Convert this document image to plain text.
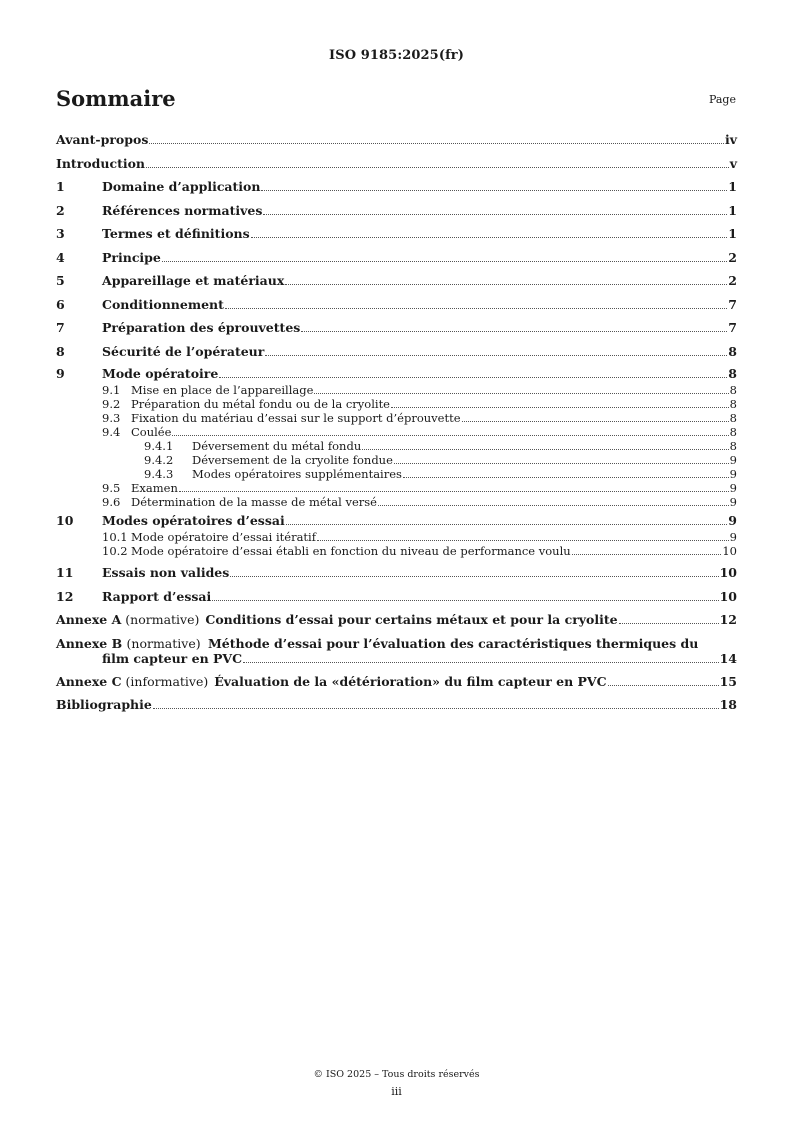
ISO 9185:2025(fr)
Sommaire	Page
Avant-propos	iv
Introduction	v
1	Domaine d’application	1
2	Références normatives	1
3	Termes et définitions	1
4	Principe	2
5	Appareillage et matériaux	2
6	Conditionnement	7
7	Préparation des éprouvettes	7
8	Sécurité de l’opérateur	8
9	Mode opératoire	8
9.1 Mise en place de l’appareillage	8
9.2 Préparation du métal fondu ou de la cryolite	8
9.3 Fixation du matériau d’essai sur le support d’éprouvette	8
9.4 Coulée	8
9.4.1	Déversement du métal fondu	8
9.4.2	Déversement de la cryolite fondue	9
9.4.3	Modes opératoires supplémentaires	9
9.5 Examen	9
9.6 Détermination de la masse de métal versé	9
10	Modes opératoires d’essai	9
10.1 Mode opératoire d’essai itératif	9
10.2 Mode opératoire d’essai établi en fonction du niveau de performance voulu	10
11	Essais non valides	10
12	Rapport d’essai	10
Annexe A (normative) Conditions d’essai pour certains métaux et pour la cryolite	12
Annexe B (normative) Méthode d’essai pour l’évaluation des caractéristiques thermiques du
film capteur en PVC	14
Annexe C (informative) Évaluation de la «détérioration» du film capteur en PVC	15
Bibliographie	18
© ISO 2025 – Tous droits réservés
iii
